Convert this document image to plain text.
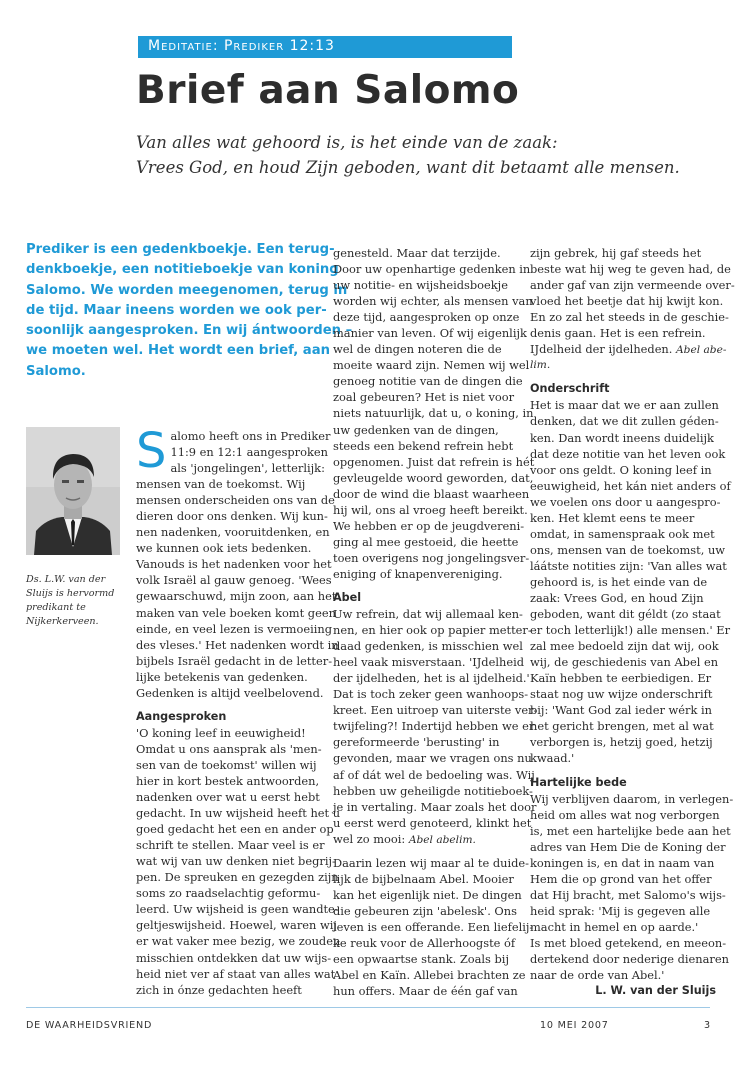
Meditatie: Prediker 12:13
Brief aan Salomo
Van alles wat gehoord is, is het einde van de zaak:
Vrees God, en houd Zijn geboden, want dit betaamt alle mensen.
Prediker is een gedenkboekje. Een terug-
denkboekje, een notitieboekje van koning
Salomo. We worden meegenomen, terug in
de tijd. Maar ineens worden we ook per-
soonlijk aangesproken. En wij ántwoorden –
we moeten wel. Het wordt een brief, aan
Salomo.
Ds. L.W. van der
Sluijs is hervormd
predikant te
Nijkerkerveen.
S alomo heeft ons in Prediker
11:9 en 12:1 aangesproken
als 'jongelingen', letterlijk:
mensen van de toekomst. Wij
mensen onderscheiden ons van de
dieren door ons denken. Wij kun-
nen nadenken, vooruitdenken, en
we kunnen ook iets bedenken.
Vanouds is het nadenken voor het
volk Israël al gauw genoeg. 'Wees
gewaarschuwd, mijn zoon, aan het
maken van vele boeken komt geen
einde, en veel lezen is vermoeiing
des vleses.' Het nadenken wordt in
bijbels Israël gedacht in de letter-
lijke betekenis van gedenken.
Gedenken is altijd veelbelovend.
Aangesproken
'O koning leef in eeuwigheid!
Omdat u ons aansprak als 'men-
sen van de toekomst' willen wij
hier in kort bestek antwoorden,
nadenken over wat u eerst hebt
gedacht. In uw wijsheid heeft het u
goed gedacht het een en ander op
schrift te stellen. Maar veel is er
wat wij van uw denken niet begrij-
pen. De spreuken en gezegden zijn
soms zo raadselachtig geformu-
leerd. Uw wijsheid is geen wandte-
geltjeswijsheid. Hoewel, waren wij
er wat vaker mee bezig, we zouden
misschien ontdekken dat uw wijs-
heid niet ver af staat van alles wat
zich in ónze gedachten heeft
genesteld. Maar dat terzijde.
Door uw openhartige gedenken in
uw notitie- en wijsheidsboekje
worden wij echter, als mensen van
deze tijd, aangesproken op onze
manier van leven. Of wij eigenlijk
wel de dingen noteren die de
moeite waard zijn. Nemen wij wel
genoeg notitie van de dingen die
zoal gebeuren? Het is niet voor
niets natuurlijk, dat u, o koning, in
uw gedenken van de dingen,
steeds een bekend refrein hebt
opgenomen. Juist dat refrein is hét
gevleugelde woord geworden, dat,
door de wind die blaast waarheen
hij wil, ons al vroeg heeft bereikt.
We hebben er op de jeugdvereni-
ging al mee gestoeid, die heette
toen overigens nog jongelingsver-
eniging of knapenvereniging.
Abel
Uw refrein, dat wij allemaal ken-
nen, en hier ook op papier metter-
daad gedenken, is misschien wel
heel vaak misverstaan. 'IJdelheid
der ijdelheden, het is al ijdelheid.'
Dat is toch zeker geen wanhoops-
kreet. Een uitroep van uiterste ver-
twijfeling?! Indertijd hebben we er
gereformeerde 'berusting' in
gevonden, maar we vragen ons nu
af of dát wel de bedoeling was. Wij
hebben uw geheiligde notitieboek-
je in vertaling. Maar zoals het door
u eerst werd genoteerd, klinkt het
wel zo mooi: Abel abelim.
Daarin lezen wij maar al te duide-
lijk de bijbelnaam Abel. Mooier
kan het eigenlijk niet. De dingen
die gebeuren zijn 'abelesk'. Ons
leven is een offerande. Een liefelij-
ke reuk voor de Allerhoogste óf
een opwaartse stank. Zoals bij
Abel en Kaïn. Allebei brachten ze
hun offers. Maar de één gaf van
zijn gebrek, hij gaf steeds het
beste wat hij weg te geven had, de
ander gaf van zijn vermeende over-
vloed het beetje dat hij kwijt kon.
En zo zal het steeds in de geschie-
denis gaan. Het is een refrein.
IJdelheid der ijdelheden. Abel abe-
lim.
Onderschrift
Het is maar dat we er aan zullen
denken, dat we dit zullen géden-
ken. Dan wordt ineens duidelijk
dat deze notitie van het leven ook
voor ons geldt. O koning leef in
eeuwigheid, het kán niet anders of
we voelen ons door u aangespro-
ken. Het klemt eens te meer
omdat, in samenspraak ook met
ons, mensen van de toekomst, uw
láátste notities zijn: 'Van alles wat
gehoord is, is het einde van de
zaak: Vrees God, en houd Zijn
geboden, want dit géldt (zo staat
er toch letterlijk!) alle mensen.' Er
zal mee bedoeld zijn dat wij, ook
wij, de geschiedenis van Abel en
Kaïn hebben te eerbiedigen. Er
staat nog uw wijze onderschrift
bij: 'Want God zal ieder wérk in
het gericht brengen, met al wat
verborgen is, hetzij goed, hetzij
kwaad.'
Hartelijke bede
Wij verblijven daarom, in verlegen-
heid om alles wat nog verborgen
is, met een hartelijke bede aan het
adres van Hem Die de Koning der
koningen is, en dat in naam van
Hem die op grond van het offer
dat Hij bracht, met Salomo's wijs-
heid sprak: 'Mij is gegeven alle
macht in hemel en op aarde.'
Is met bloed getekend, en meeon-
dertekend door nederige dienaren
naar de orde van Abel.'
L. W. van der Sluijs
DE WAARHEIDSVRIEND	10 MEI 2007	3
